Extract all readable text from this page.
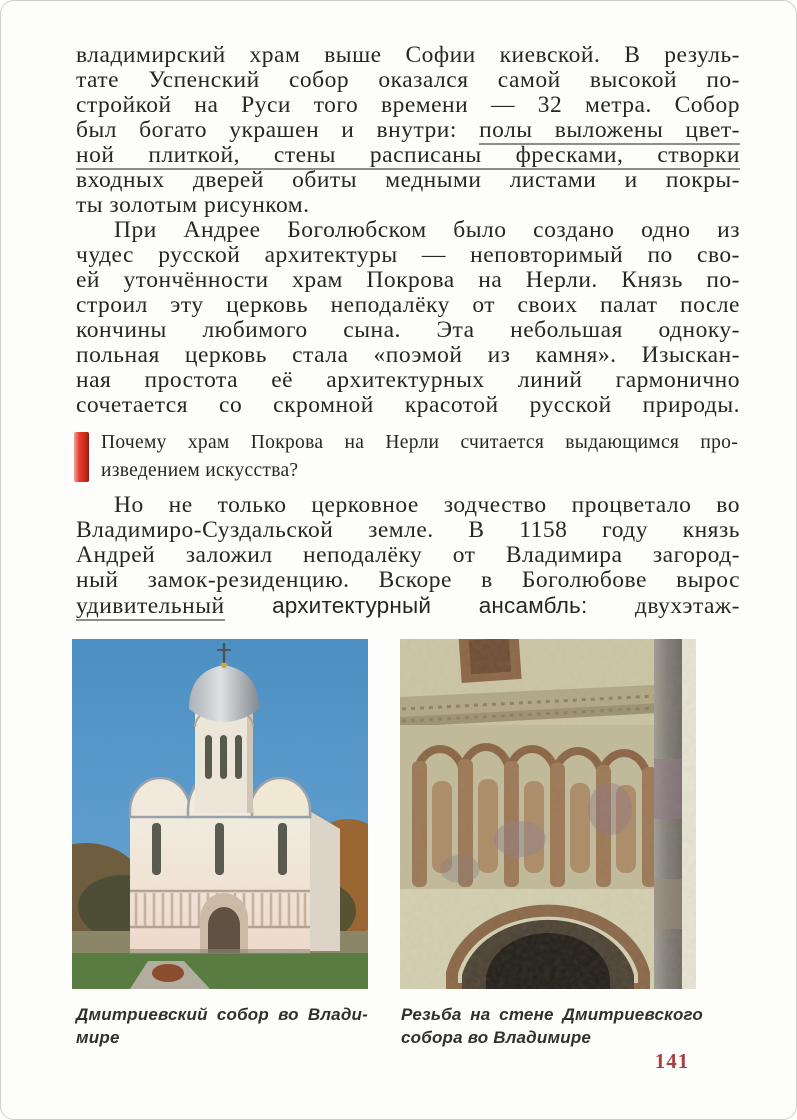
владимирский храм выше Софии киевской. В резуль-
тате Успенский собор оказался самой высокой по-
стройкой на Руси того времени — 32 метра. Собор
был богато украшен и внутри: полы выложены цвет-
ной плиткой, стены расписаны фресками, створки
входных дверей обиты медными листами и покры-
ты золотым рисунком.
При Андрее Боголюбском было создано одно из
чудес русской архитектуры — неповторимый по сво-
ей утончённости храм Покрова на Нерли. Князь по-
строил эту церковь неподалёку от своих палат после
кончины любимого сына. Эта небольшая одноку-
польная церковь стала «поэмой из камня». Изыскан-
ная простота её архитектурных линий гармонично
сочетается со скромной красотой русской природы.
Почему храм Покрова на Нерли считается выдающимся про-
изведением искусства?
Но не только церковное зодчество процветало во
Владимиро-Суздальской земле. В 1158 году князь
Андрей заложил неподалёку от Владимира загород-
ный замок-резиденцию. Вскоре в Боголюбове вырос
удивительный архитектурный ансамбль: двухэтаж-
Дмитриевский собор во Влади-
мире
Резьба на стене Дмитриевского
собора во Владимире
141
